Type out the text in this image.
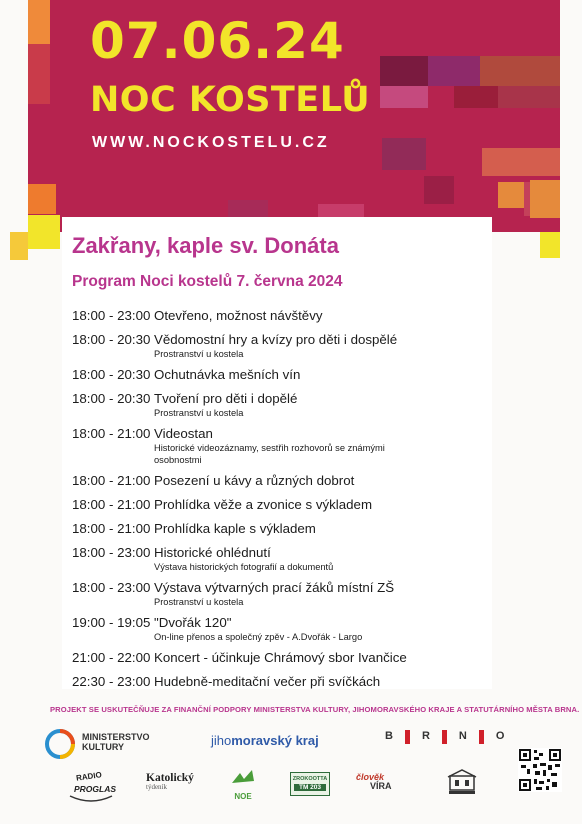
07.06.24
NOC KOSTELŮ
WWW.NOCKOSTELU.CZ
Zakřany, kaple sv. Donáta
Program Noci kostelů 7. června 2024
18:00 - 23:00 Otevřeno, možnost návštěvy
18:00 - 20:30 Vědomostní hry a kvízy pro děti i dospělé
Prostranství u kostela
18:00 - 20:30 Ochutnávka mešních vín
18:00 - 20:30 Tvoření pro děti i dopělé
Prostranství u kostela
18:00 - 21:00 Videostan
Historické videozáznamy, sestřih rozhovorů se známými osobnostmi
18:00 - 21:00 Posezení u kávy a různých dobrot
18:00 - 21:00 Prohlídka věže a zvonice s výkladem
18:00 - 21:00 Prohlídka kaple s výkladem
18:00 - 23:00 Historické ohlédnutí
Výstava historických fotografií a dokumentů
18:00 - 23:00 Výstava výtvarných prací žáků místní ZŠ
Prostranství u kostela
19:00 - 19:05 "Dvořák 120"
On-line přenos a společný zpěv - A.Dvořák - Largo
21:00 - 22:00 Koncert - účinkuje Chrámový sbor Ivančice
22:30 - 23:00 Hudebně-meditační večer při svíčkách
PROJEKT SE USKUTEČŇUJE ZA FINANČNÍ PODPORY MINISTERSTVA KULTURY, JIHOMORAVSKÉHO KRAJE A STATUTÁRNÍHO MĚSTA BRNA.
MINISTERSTVO
KULTURY	jihomoravský kraj	B	R	N	O
RADIO
PROGLAS
Katolický
týdeník
NOE
ZROKOOTTA
TM 203
člověk
VÍRA
